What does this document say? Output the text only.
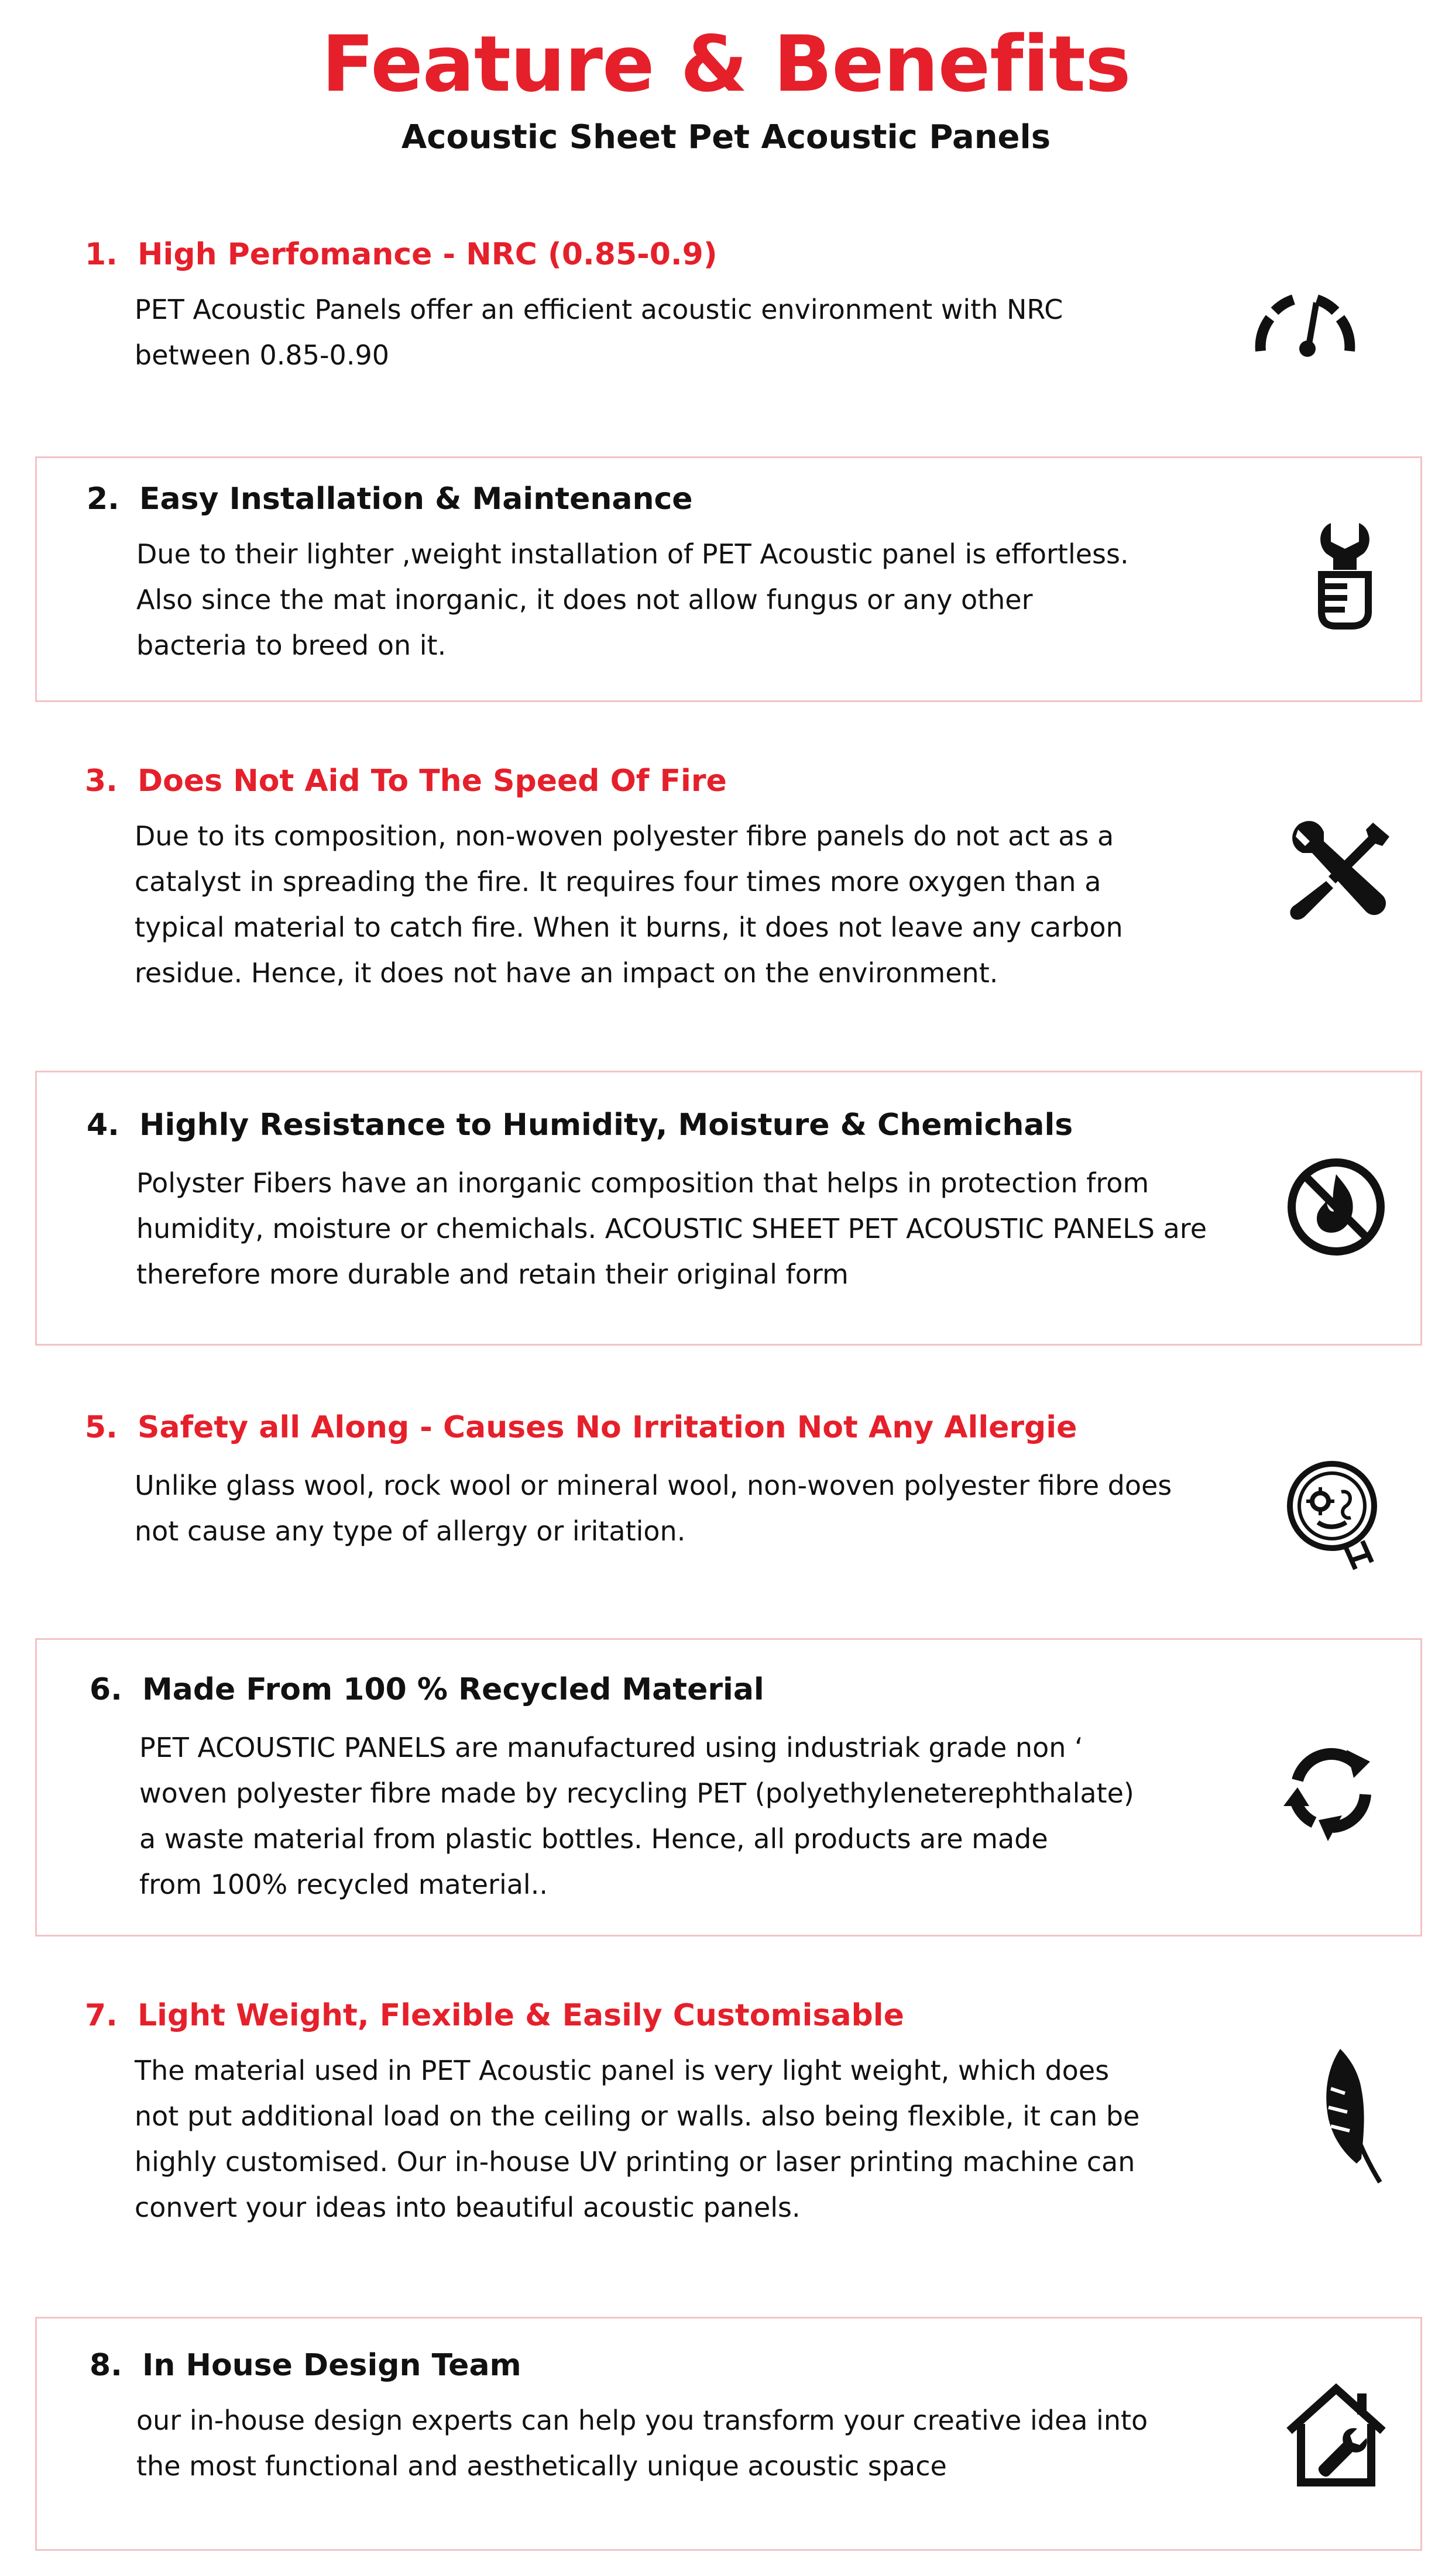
Feature & Benefits
Acoustic Sheet Pet Acoustic Panels
1. High Perfomance - NRC (0.85-0.9)

PET Acoustic Panels offer an efficient acoustic environment with NRC

between 0.85-0.90

2. Easy Installation & Maintenance

Due to their lighter ,weight installation of PET Acoustic panel is effortless.

Also since the mat inorganic, it does not allow fungus or any other

bacteria to breed on it.

3. Does Not Aid To The Speed Of Fire

Due to its composition, non-woven polyester fibre panels do not act as a

catalyst in spreading the fire. It requires four times more oxygen than a

typical material to catch fire. When it burns, it does not leave any carbon

residue. Hence, it does not have an impact on the environment.

4. Highly Resistance to Humidity, Moisture & Chemichals

Polyster Fibers have an inorganic composition that helps in protection from

humidity, moisture or chemichals. ACOUSTIC SHEET PET ACOUSTIC PANELS are

therefore more durable and retain their original form

5. Safety all Along - Causes No Irritation Not Any Allergie

Unlike glass wool, rock wool or mineral wool, non-woven polyester fibre does

not cause any type of allergy or iritation.

6. Made From 100 % Recycled Material

PET ACOUSTIC PANELS are manufactured using industriak grade non ‘

woven polyester fibre made by recycling PET (polyethyleneterephthalate)

a waste material from plastic bottles. Hence, all products are made

from 100% recycled material..

7. Light Weight, Flexible & Easily Customisable

The material used in PET Acoustic panel is very light weight, which does

not put additional load on the ceiling or walls. also being flexible, it can be

highly customised. Our in-house UV printing or laser printing machine can

convert your ideas into beautiful acoustic panels.

8. In House Design Team

our in-house design experts can help you transform your creative idea into

the most functional and aesthetically unique acoustic space
